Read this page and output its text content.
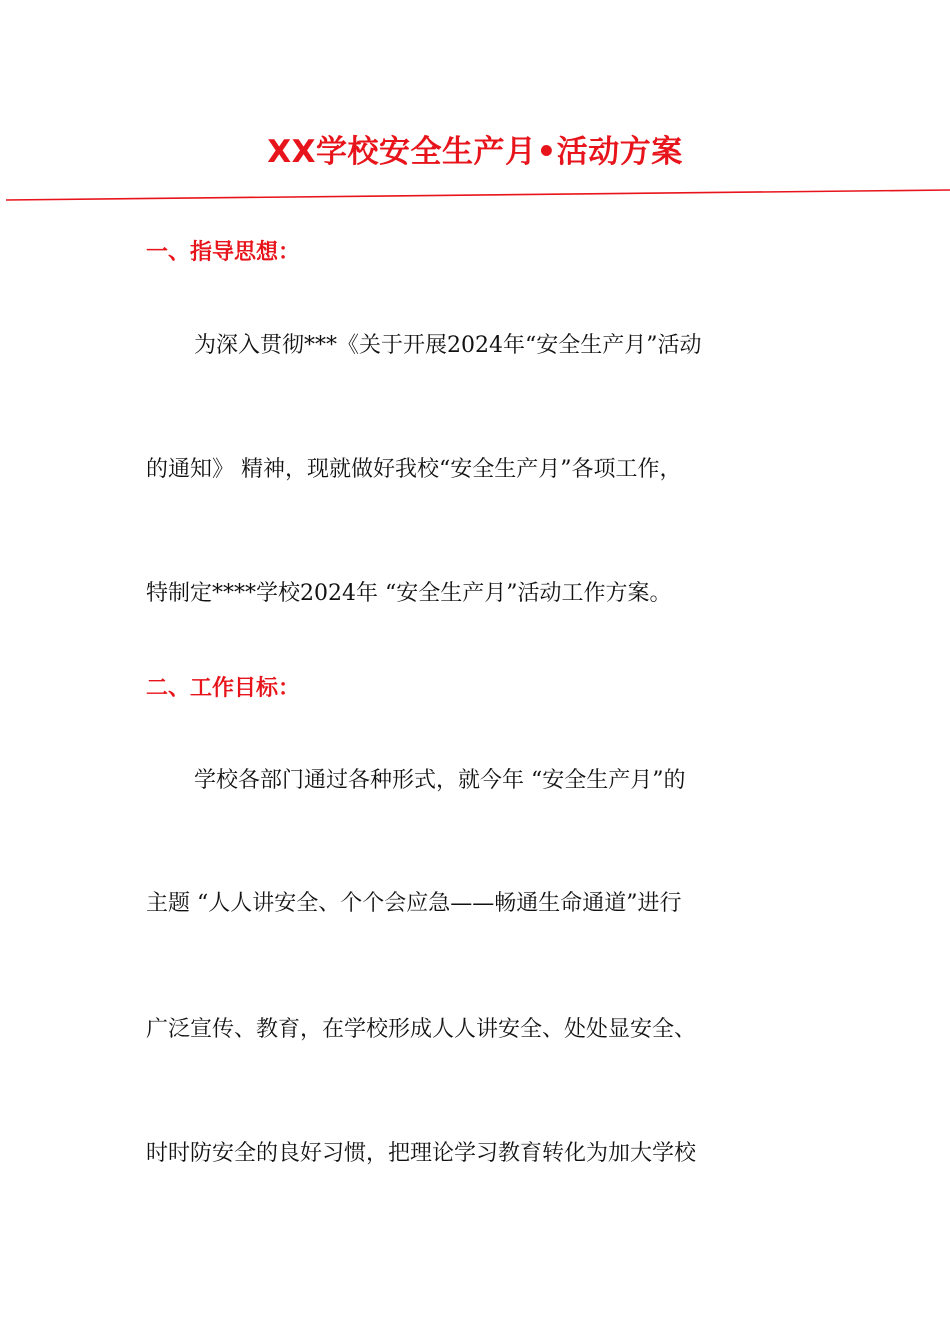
XX学校安全生产月•活动方案
一、指导思想：
为深入贯彻***《关于开展2024年“安全生产月”活动
的通知》 精神，现就做好我校“安全生产月”各项工作，
特制定****学校2024年 “安全生产月”活动工作方案。
二、工作目标：
学校各部门通过各种形式，就今年 “安全生产月”的
主题 “人人讲安全、个个会应急——畅通生命通道”进行
广泛宣传、教育，在学校形成人人讲安全、处处显安全、
时时防安全的良好习惯，把理论学习教育转化为加大学校
